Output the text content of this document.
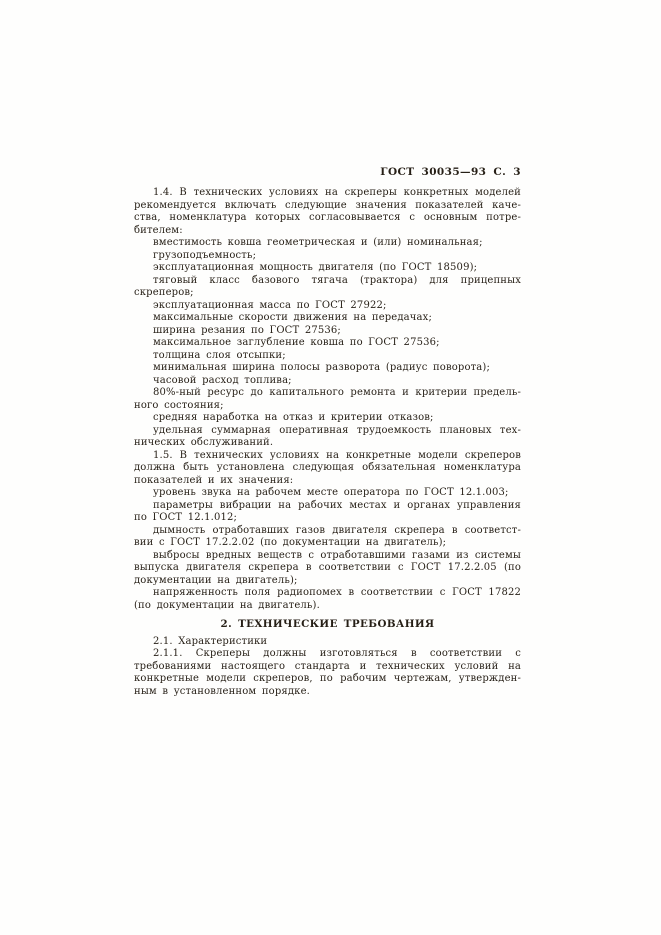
ГОСТ 30035—93 С. 3
1.4. В технических условиях на скреперы конкретных моделей
рекомендуется включать следующие значения показателей каче-
ства, номенклатура которых согласовывается с основным потре-
бителем:
вместимость ковша геометрическая и (или) номинальная;
грузоподъемность;
эксплуатационная мощность двигателя (по ГОСТ 18509);
тяговый класс базового тягача (трактора) для прицепных
скреперов;
эксплуатационная масса по ГОСТ 27922;
максимальные скорости движения на передачах;
ширина резания по ГОСТ 27536;
максимальное заглубление ковша по ГОСТ 27536;
толщина слоя отсыпки;
минимальная ширина полосы разворота (радиус поворота);
часовой расход топлива;
80%-ный ресурс до капитального ремонта и критерии предель-
ного состояния;
средняя наработка на отказ и критерии отказов;
удельная суммарная оперативная трудоемкость плановых тех-
нических обслуживаний.
1.5. В технических условиях на конкретные модели скреперов
должна быть установлена следующая обязательная номенклатура
показателей и их значения:
уровень звука на рабочем месте оператора по ГОСТ 12.1.003;
параметры вибрации на рабочих местах и органах управления
по ГОСТ 12.1.012;
дымность отработавших газов двигателя скрепера в соответст-
вии с ГОСТ 17.2.2.02 (по документации на двигатель);
выбросы вредных веществ с отработавшими газами из системы
выпуска двигателя скрепера в соответствии с ГОСТ 17.2.2.05 (по
документации на двигатель);
напряженность поля радиопомех в соответствии с ГОСТ 17822
(по документации на двигатель).
2. ТЕХНИЧЕСКИЕ ТРЕБОВАНИЯ
2.1. Характеристики
2.1.1. Скреперы должны изготовляться в соответствии с
требованиями настоящего стандарта и технических условий на
конкретные модели скреперов, по рабочим чертежам, утвержден-
ным в установленном порядке.
